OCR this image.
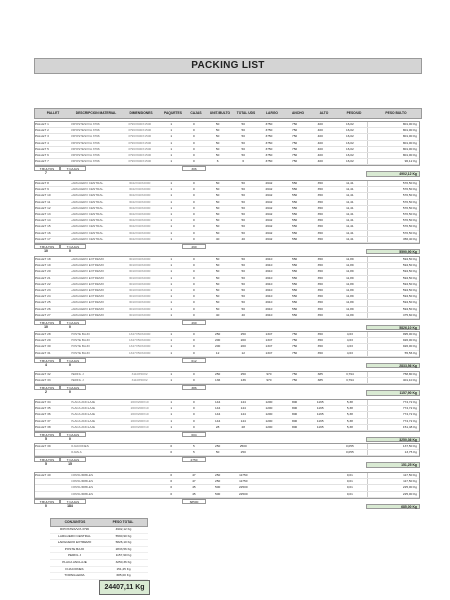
PACKING LIST
PALLET	DESCRIPCION MATERIAL	DIMENSIONES	PAQUETES	CAJAS	UNIT./BULTO	TOTAL UDS	LARGO	ANCHO	ALTO	PESO/UD	PESO BULTO
PALLET 1	RIPOSTES/V/A 3796	3796X900X1500	1	0	50	50	3750	750	400	16,02	801,00 Kg
PALLET 2	RIPOSTES/V/A 3796	3796X900X1500	1	0	50	50	3750	750	400	16,02	801,00 Kg
PALLET 3	RIPOSTES/V/A 3796	3796X900X1500	1	0	50	50	3750	750	400	16,02	801,00 Kg
PALLET 4	RIPOSTES/V/A 3796	3796X900X1500	1	0	50	50	3750	750	400	16,02	801,00 Kg
PALLET 5	RIPOSTES/V/A 3796	3796X900X1500	1	0	50	50	3750	750	400	16,02	801,00 Kg
PALLET 6	RIPOSTES/V/A 3796	3796X900X1500	1	0	50	50	3750	750	400	16,02	801,00 Kg
PALLET 7	RIPOSTES/V/A 3796	3796X900X1500	1	0	6	6	3750	750	400	16,02	96,12 Kg
T.BULTOS	T.CAJAS	306
7	0	4902,12 Kg
PALLET 8	LARGUERO CENTRAL	3042X40X2000	1	0	50	50	2642	550	350	11,41	570,50 Kg
PALLET 9	LARGUERO CENTRAL	3042X40X2000	1	0	50	50	2642	550	350	11,41	570,50 Kg
PALLET 10	LARGUERO CENTRAL	3042X40X2000	1	0	50	50	2642	550	350	11,41	570,50 Kg
PALLET 11	LARGUERO CENTRAL	3042X40X2000	1	0	50	50	2642	550	350	11,41	570,50 Kg
PALLET 12	LARGUERO CENTRAL	3042X40X2000	1	0	50	50	2642	550	350	11,41	570,50 Kg
PALLET 13	LARGUERO CENTRAL	3042X40X2000	1	0	50	50	2642	550	350	11,41	570,50 Kg
PALLET 14	LARGUERO CENTRAL	3042X40X2000	1	0	50	50	2642	550	350	11,41	570,50 Kg
PALLET 15	LARGUERO CENTRAL	3042X40X2000	1	0	50	50	2642	550	350	11,41	570,50 Kg
PALLET 16	LARGUERO CENTRAL	3042X40X2000	1	0	50	50	2642	550	350	11,41	570,50 Kg
PALLET 17	LARGUERO CENTRAL	3042X40X2000	1	0	40	40	2642	550	350	11,41	456,40 Kg
T.BULTOS	T.CAJAS	490
10	0	5590,90 Kg
PALLET 18	LARGUERO EXTREMO	3010X40X2000	1	0	50	50	2610	550	350	11,89	594,50 Kg
PALLET 19	LARGUERO EXTREMO	3010X40X2000	1	0	50	50	2610	550	350	11,89	594,50 Kg
PALLET 20	LARGUERO EXTREMO	3010X40X2000	1	0	50	50	2610	550	350	11,89	594,50 Kg
PALLET 21	LARGUERO EXTREMO	3010X40X2000	1	0	50	50	2610	550	350	11,89	594,50 Kg
PALLET 22	LARGUERO EXTREMO	3010X40X2000	1	0	50	50	2610	550	350	11,89	594,50 Kg
PALLET 23	LARGUERO EXTREMO	3010X40X2000	1	0	50	50	2610	550	350	11,89	594,50 Kg
PALLET 24	LARGUERO EXTREMO	3010X40X2000	1	0	50	50	2610	550	350	11,89	594,50 Kg
PALLET 25	LARGUERO EXTREMO	3010X40X2000	1	0	50	50	2610	550	350	11,89	594,50 Kg
PALLET 26	LARGUERO EXTREMO	3010X40X2000	1	0	50	50	2610	550	350	11,89	594,50 Kg
PALLET 27	LARGUERO EXTREMO	3010X40X2000	1	0	40	40	2610	550	350	11,89	475,60 Kg
T.BULTOS	T.CAJAS	490
10	0	5826,10 Kg
PALLET 28	POSTE BAJO	1347X50X2000	1	0	250	250	1347	750	350	4,63	995,00 Kg
PALLET 29	POSTE BAJO	1347X50X2000	1	0	200	200	1347	750	350	4,63	926,00 Kg
PALLET 30	POSTE BAJO	1347X50X2000	1	0	200	200	1347	750	350	4,63	926,00 Kg
PALLET 31	POSTE BAJO	1347X50X2000	1	0	12	12	1347	750	350	4,63	55,56 Kg
T.BULTOS	T.CAJAS	612
4	0	2833,56 Kg
PALLET 32	PERFIL J	3110X50X2	1	0	250	250	970	750	385	3,794	758,80 Kg
PALLET 33	PERFIL J	3110X50X2	1	0	136	136	970	750	385	3,794	401,10 Kg
T.BULTOS	T.CAJAS	386
2	0	1157,90 Kg
PALLET 34	PLACA ANCLAJE	200X200X10	1	0	144	144	1200	800	1165	5,38	774,72 Kg
PALLET 35	PLACA ANCLAJE	200X200X10	1	0	144	144	1200	800	1165	5,38	774,72 Kg
PALLET 36	PLACA ANCLAJE	200X200X10	1	0	144	144	1200	800	1165	5,38	774,72 Kg
PALLET 37	PLACA ANCLAJE	200X200X10	1	0	144	144	1200	800	1165	5,38	774,72 Kg
PALLET 38	PLACA ANCLAJE	200X200X10	1	0	28	28	1200	800	1165	5,38	151,48 Kg
T.BULTOS	T.CAJAS	604
5	0	3250,36 Kg
PALLET 39	FIJACIONES	0	5	250	2500	0,055	137,50 Kg
FIJAS A	0	5	50	250	0,055	13,75 Kg
T.BULTOS	T.CAJAS	2750
5	15	151,25 Kg
PALLET 40	CONSUMIBLES	0	47	250	11750	0,01	117,50 Kg
CONSUMIBLES	0	47	250	11750	0,01	117,50 Kg
CONSUMIBLES	0	45	500	22500	0,01	225,00 Kg
CONSUMIBLES	0	45	500	22500	0,01	225,00 Kg
T.BULTOS	T.CAJAS	68500
0	184	685,00 Kg
CONJUNTOS	PESO TOTAL
RIPOSTES/V/A 3796	4902,12 Kg
LARGUERO CENTRAL	5590,90 Kg
LARGUERO EXTREMO	5826,10 Kg
POSTE BAJO	2833,56 Kg
PERFIL J	1157,90 Kg
PLACA ANCLAJE	3250,36 Kg
FIJACIONES	151,25 Kg
TORNILLERIA	685,00 Kg
24407,11 Kg
